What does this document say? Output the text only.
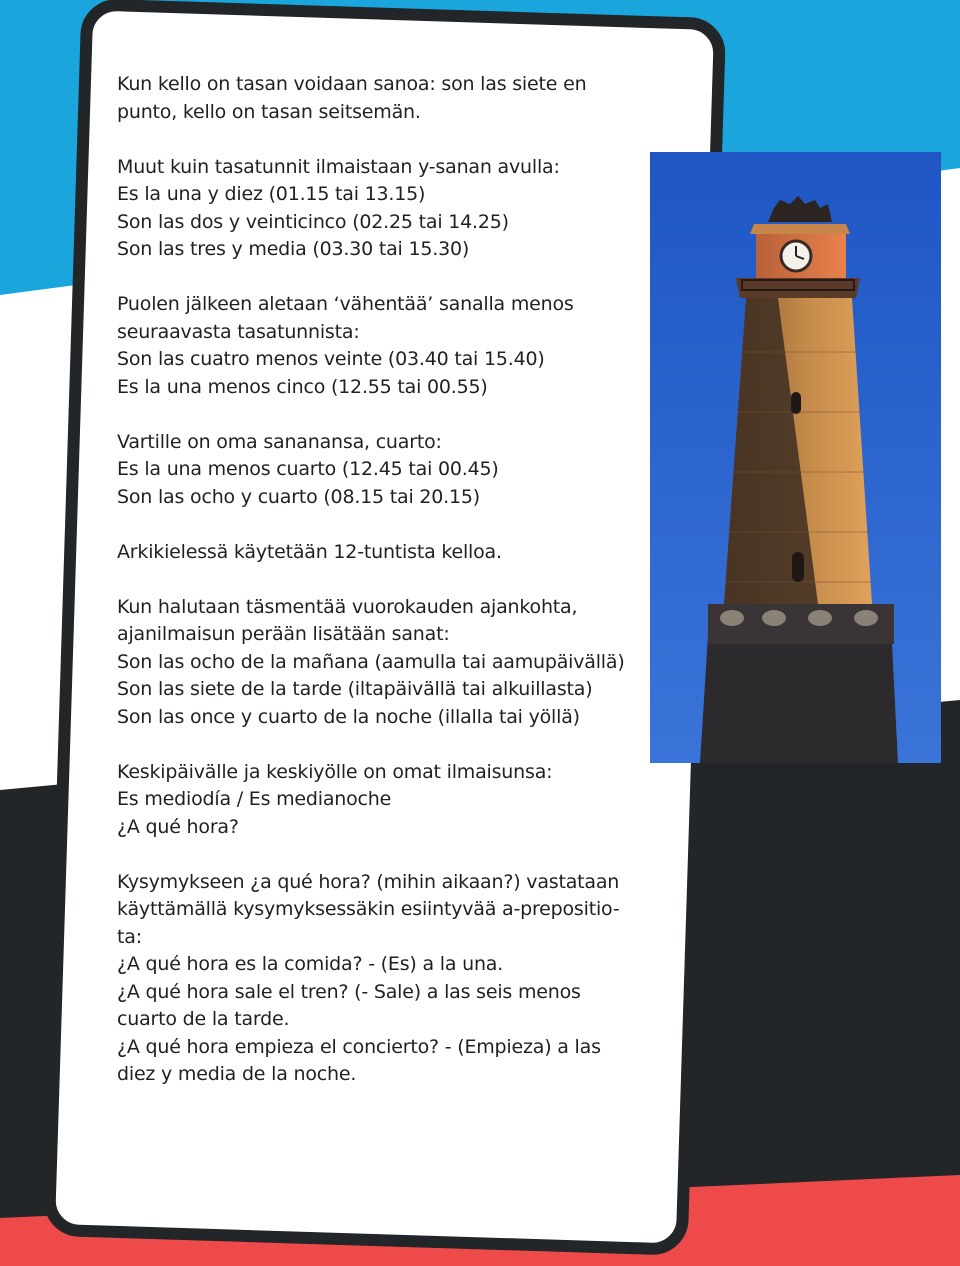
Kun kello on tasan voidaan sanoa: son las siete en
punto, kello on tasan seitsemän.

Muut kuin tasatunnit ilmaistaan y-sanan avulla:
Es la una y diez (01.15 tai 13.15)
Son las dos y veinticinco (02.25 tai 14.25)
Son las tres y media (03.30 tai 15.30)

Puolen jälkeen aletaan ‘vähentää’ sanalla menos
seuraavasta tasatunnista:
Son las cuatro menos veinte (03.40 tai 15.40)
Es la una menos cinco (12.55 tai 00.55)

Vartille on oma sananansa, cuarto:
Es la una menos cuarto (12.45 tai 00.45)
Son las ocho y cuarto (08.15 tai 20.15)

Arkikielessä käytetään 12-tuntista kelloa.

Kun halutaan täsmentää vuorokauden ajankohta,
ajanilmaisun perään lisätään sanat:
Son las ocho de la mañana (aamulla tai aamupäivällä)
Son las siete de la tarde (iltapäivällä tai alkuillasta)
Son las once y cuarto de la noche (illalla tai yöllä)

Keskipäivälle ja keskiyölle on omat ilmaisunsa:
Es mediodía / Es medianoche
¿A qué hora?

Kysymykseen ¿a qué hora? (mihin aikaan?) vastataan
käyttämällä kysymyksessäkin esiintyvää a-prepositio-
ta:
¿A qué hora es la comida? - (Es) a la una.
¿A qué hora sale el tren? (- Sale) a las seis menos
cuarto de la tarde.
¿A qué hora empieza el concierto? - (Empieza) a las
diez y media de la noche.
